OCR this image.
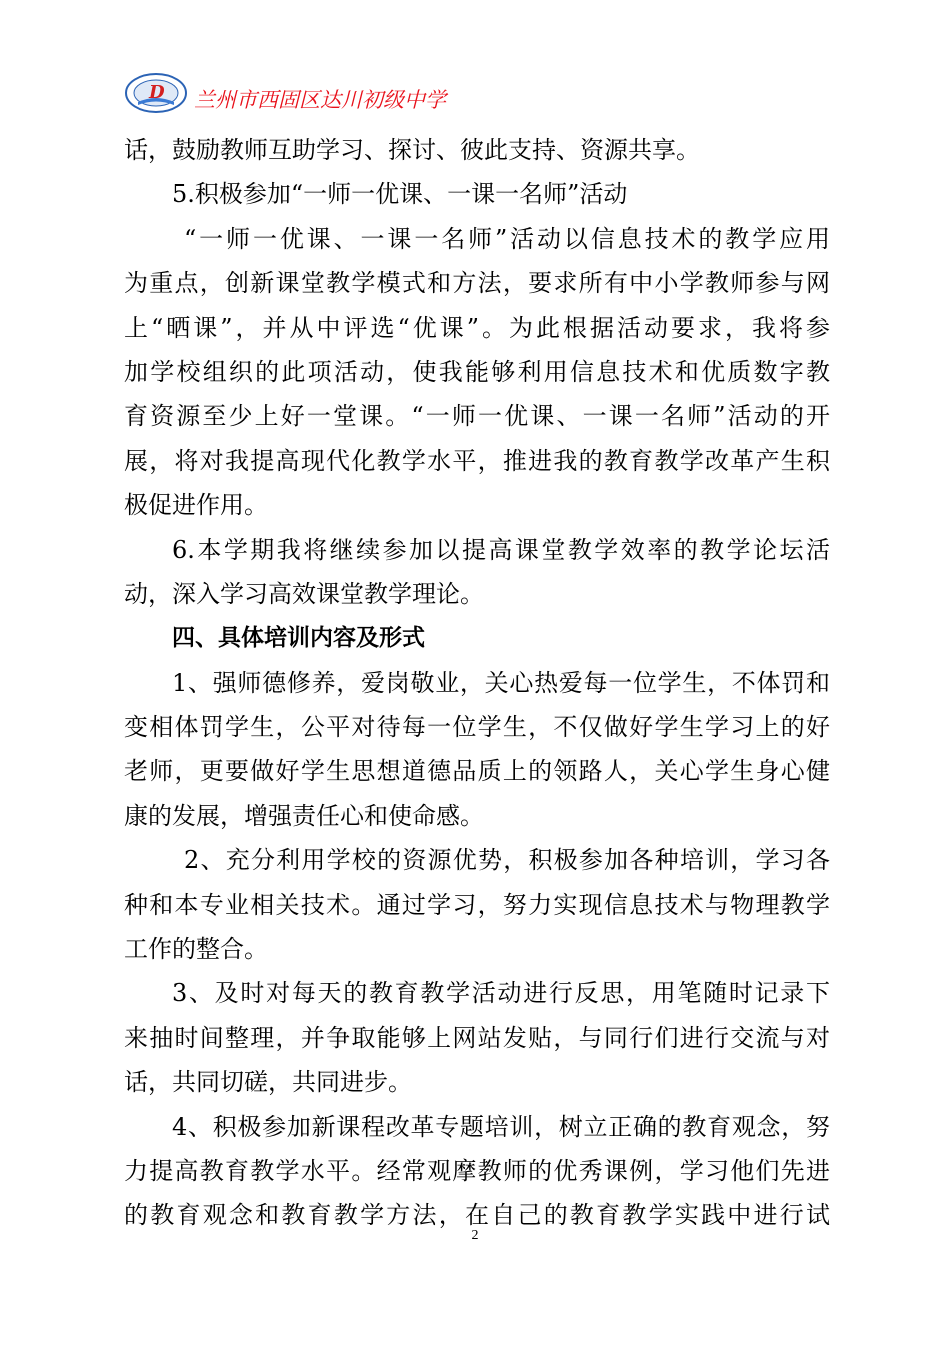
D 兰州市西固区达川初级中学
话，鼓励教师互助学习、探讨、彼此支持、资源共享。
5.积极参加“一师一优课、一课一名师”活动
“一师一优课、一课一名师”活动以信息技术的教学应用
为重点，创新课堂教学模式和方法，要求所有中小学教师参与网
上“晒课”，并从中评选“优课”。为此根据活动要求，我将参
加学校组织的此项活动，使我能够利用信息技术和优质数字教
育资源至少上好一堂课。“一师一优课、一课一名师”活动的开
展，将对我提高现代化教学水平，推进我的教育教学改革产生积
极促进作用。
6.本学期我将继续参加以提高课堂教学效率的教学论坛活
动，深入学习高效课堂教学理论。
四、具体培训内容及形式
1、强师德修养，爱岗敬业，关心热爱每一位学生，不体罚和
变相体罚学生，公平对待每一位学生，不仅做好学生学习上的好
老师，更要做好学生思想道德品质上的领路人，关心学生身心健
康的发展，增强责任心和使命感。
2、充分利用学校的资源优势，积极参加各种培训，学习各
种和本专业相关技术。通过学习，努力实现信息技术与物理教学
工作的整合。
3、及时对每天的教育教学活动进行反思，用笔随时记录下
来抽时间整理，并争取能够上网站发贴，与同行们进行交流与对
话，共同切磋，共同进步。
4、积极参加新课程改革专题培训，树立正确的教育观念，努
力提高教育教学水平。经常观摩教师的优秀课例，学习他们先进
的教育观念和教育教学方法，在自己的教育教学实践中进行试
2
